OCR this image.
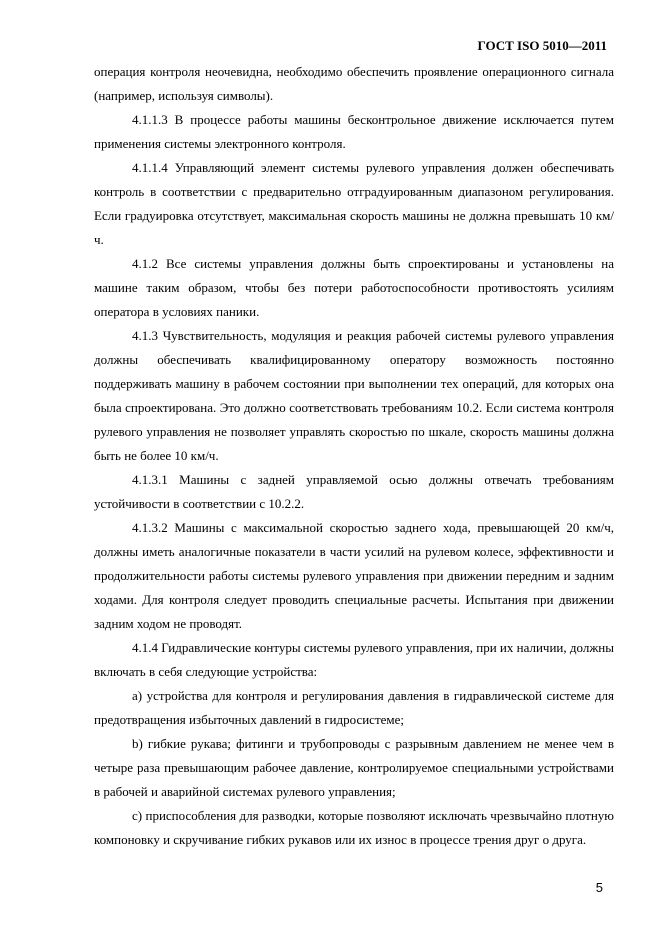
ГОСТ ISO 5010—2011

операция контроля неочевидна, необходимо обеспечить проявление операционного сигнала (например, используя символы).

4.1.1.3 В процессе работы машины бесконтрольное движение исключается путем применения системы электронного контроля.

4.1.1.4 Управляющий элемент системы рулевого управления должен обеспечивать контроль в соответствии с предварительно отградуированным диапазоном регулирования. Если градуировка отсутствует, максимальная скорость машины не должна превышать 10 км/ч.

4.1.2 Все системы управления должны быть спроектированы и установлены на машине таким образом, чтобы без потери работоспособности противостоять усилиям оператора в условиях паники.

4.1.3 Чувствительность, модуляция и реакция рабочей системы рулевого управления должны обеспечивать квалифицированному оператору возможность постоянно поддерживать машину в рабочем состоянии при выполнении тех операций, для которых она была спроектирована. Это должно соответствовать требованиям 10.2. Если система контроля рулевого управления не позволяет управлять скоростью по шкале, скорость машины должна быть не более 10 км/ч.

4.1.3.1 Машины с задней управляемой осью должны отвечать требованиям устойчивости в соответствии с 10.2.2.

4.1.3.2 Машины с максимальной скоростью заднего хода, превышающей 20 км/ч, должны иметь аналогичные показатели в части усилий на рулевом колесе, эффективности и продолжительности работы системы рулевого управления при движении передним и задним ходами. Для контроля следует проводить специальные расчеты. Испытания при движении задним ходом не проводят.

4.1.4 Гидравлические контуры системы рулевого управления, при их наличии, должны включать в себя следующие устройства:

a) устройства для контроля и регулирования давления в гидравлической системе для предотвращения избыточных давлений в гидросистеме;

b) гибкие рукава; фитинги и трубопроводы с разрывным давлением не менее чем в четыре раза превышающим рабочее давление, контролируемое специальными устройствами в рабочей и аварийной системах рулевого управления;

c) приспособления для разводки, которые позволяют исключать чрезвычайно плотную компоновку и скручивание гибких рукавов или их износ в процессе трения друг о друга.

5
